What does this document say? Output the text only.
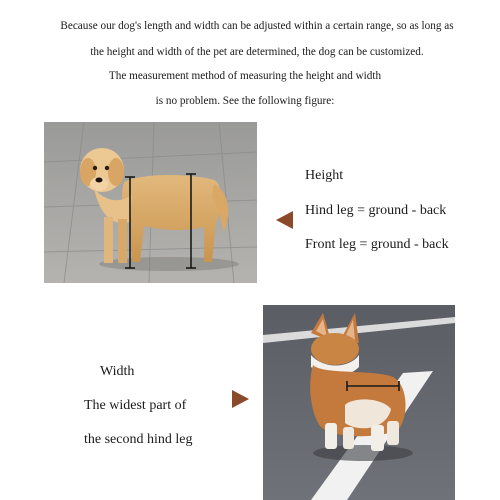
Because our dog's length and width can be adjusted within a certain range, so as long as
the height and width of the pet are determined, the dog can be customized.
The measurement method of measuring the height and width
is no problem. See the following figure:
Height
Hind leg = ground - back
Front leg = ground - back
Width
The widest part of
the second hind leg
